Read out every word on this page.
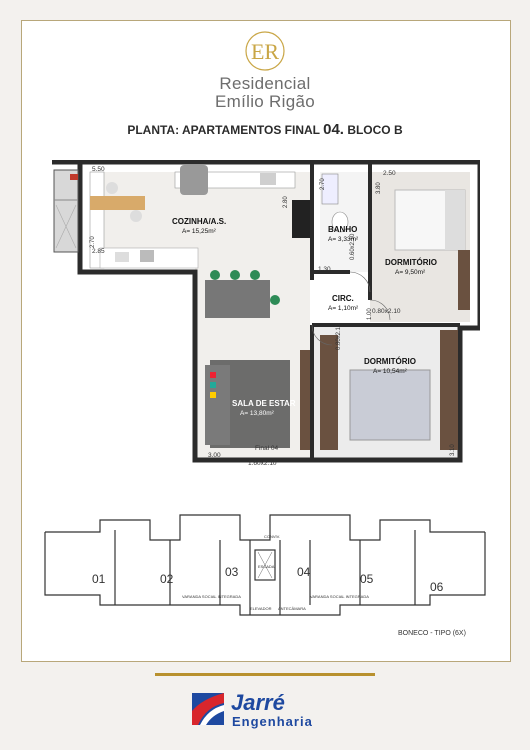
ER
Residencial
Emílio Rigão
PLANTA: APARTAMENTOS FINAL 04. BLOCO B
5.50
2.70
2.85
2.80
2.70
2.50
3.80
1.30
1.00
0.60x2.10
0.80x2.10
0.80x2.10
3.00	3.10
1.60x2.10
Final 04
COZINHA/A.S.
A= 15,25m²	BANHO
A= 3,33m²
DORMITÓRIO
A= 9,50m²
CIRC.
A= 1,10m²
DORMITÓRIO
A= 10,54m²
SALA DE ESTAR
A= 13,80m²
01	02	03	04	05
06
VARANDA SOCIAL INTEGRADA	VARANDA SOCIAL INTEGRADA
ESCADA
ELEVADOR ANTECÂMARA
CONVIV.
BONECO - TIPO (6X)
Jarré
Engenharia
